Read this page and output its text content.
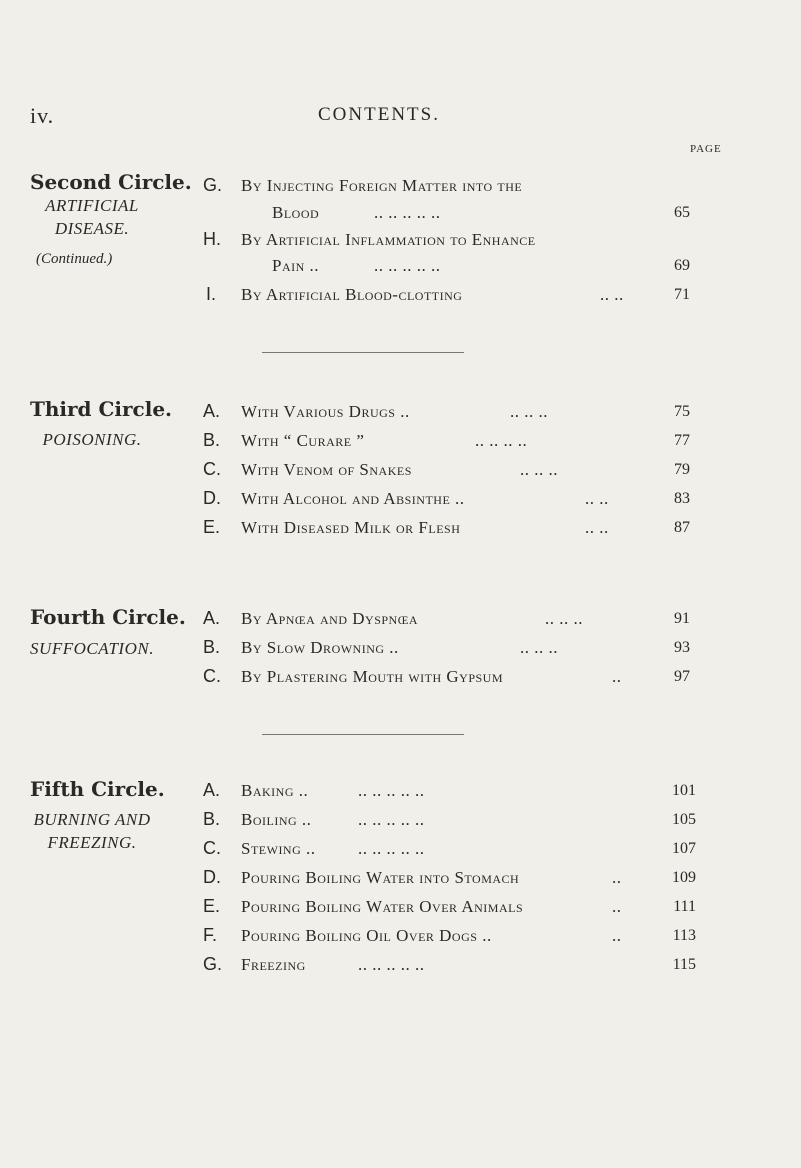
iv.	CONTENTS.
PAGE
Second Circle.
ARTIFICIAL DISEASE.
(Continued.)
G. By Injecting Foreign Matter into the
Blood	.. .. .. .. ..	65
H. By Artificial Inflammation to Enhance
Pain ..	.. .. .. .. ..	69
I.	By Artificial Blood-clotting	.. ..	71
Third Circle.
POISONING.
A. With Various Drugs ..	.. .. ..	75
B. With “ Curare ”	.. .. .. ..	77
C. With Venom of Snakes	.. .. ..	79
D. With Alcohol and Absinthe ..	.. ..	83
E. With Diseased Milk or Flesh	.. ..	87
Fourth Circle.
SUFFOCATION.
A. By Apnœa and Dyspnœa	.. .. ..	91
B. By Slow Drowning ..	.. .. ..	93
C. By Plastering Mouth with Gypsum	..	97
Fifth Circle.
BURNING AND FREEZING.
A. Baking ..	.. .. .. .. ..	101
B. Boiling ..	.. .. .. .. ..	105
C. Stewing .. .. .. .. .. ..	107
D. Pouring Boiling Water into Stomach	..	109
E. Pouring Boiling Water Over Animals	..	111
F.	Pouring Boiling Oil Over Dogs ..	..	113
G. Freezing	.. .. .. .. ..	115
